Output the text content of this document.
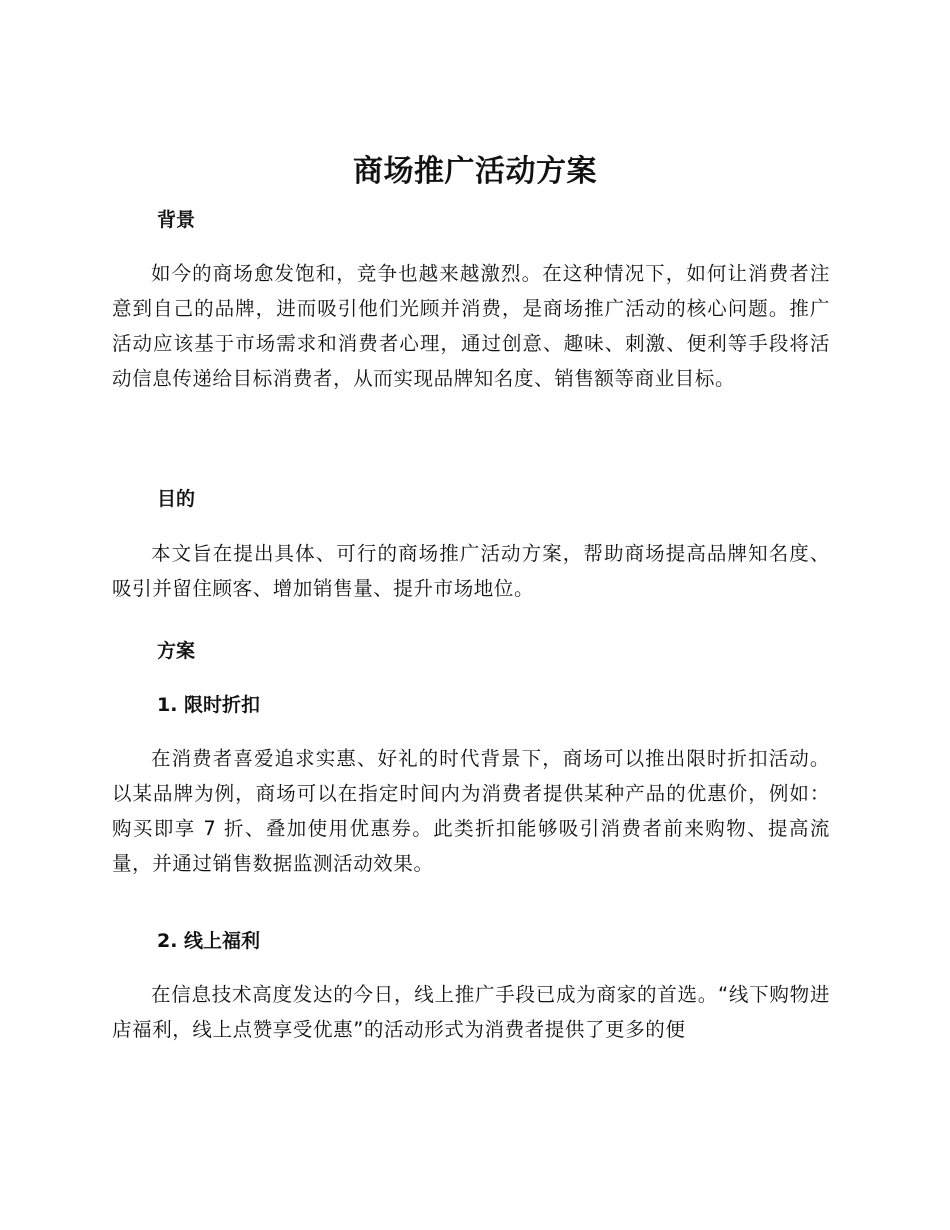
商场推广活动方案
背景

如今的商场愈发饱和，竞争也越来越激烈。在这种情况下，如何让消费者注意到自己的品牌，进而吸引他们光顾并消费，是商场推广活动的核心问题。推广活动应该基于市场需求和消费者心理，通过创意、趣味、刺激、便利等手段将活动信息传递给目标消费者，从而实现品牌知名度、销售额等商业目标。

目的

本文旨在提出具体、可行的商场推广活动方案，帮助商场提高品牌知名度、吸引并留住顾客、增加销售量、提升市场地位。

方案
1. 限时折扣

在消费者喜爱追求实惠、好礼的时代背景下，商场可以推出限时折扣活动。以某品牌为例，商场可以在指定时间内为消费者提供某种产品的优惠价，例如：购买即享 7 折、叠加使用优惠券。此类折扣能够吸引消费者前来购物、提高流量，并通过销售数据监测活动效果。

2. 线上福利

在信息技术高度发达的今日，线上推广手段已成为商家的首选。“线下购物进店福利，线上点赞享受优惠”的活动形式为消费者提供了更多的便
